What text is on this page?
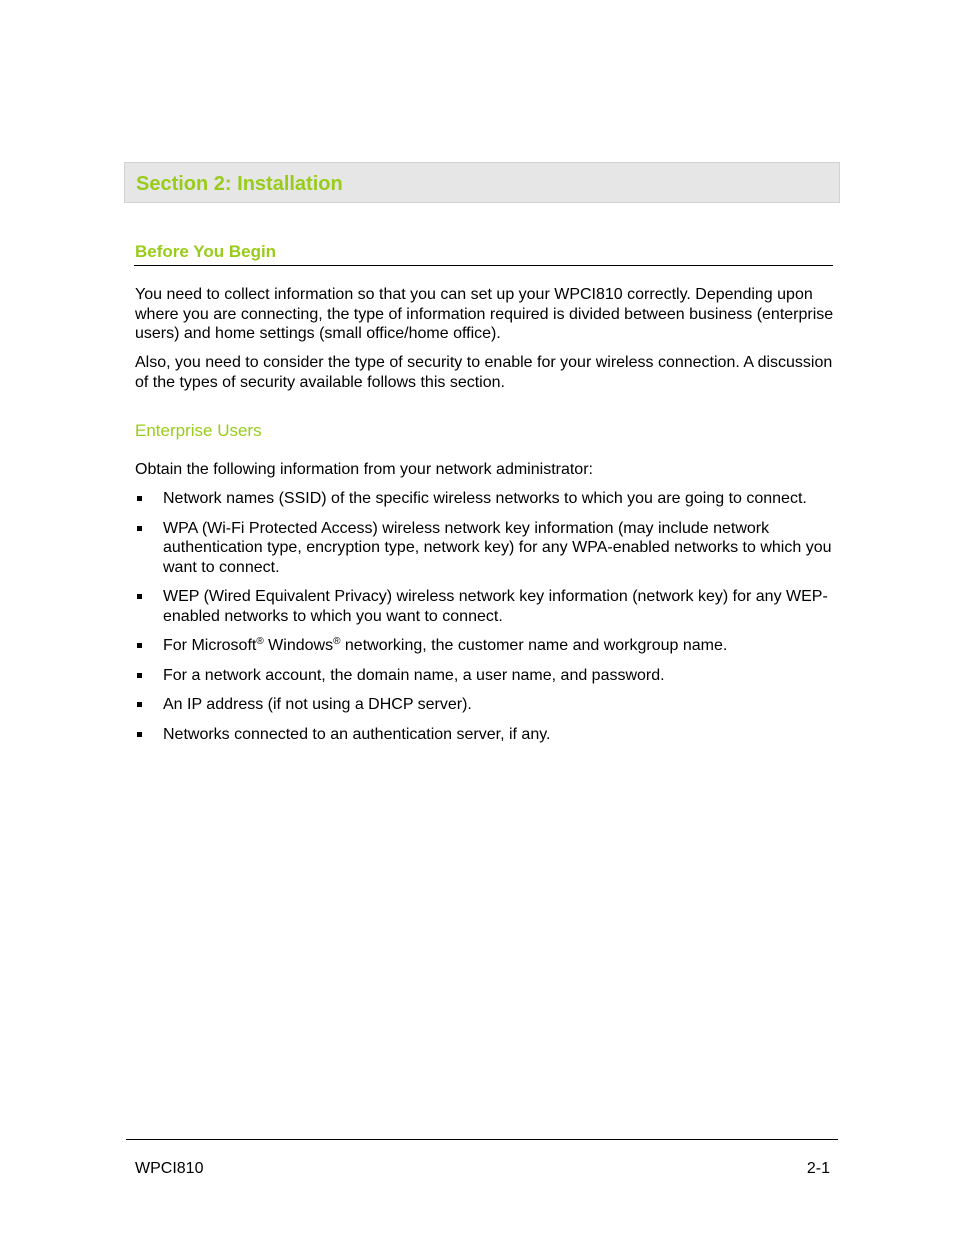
Section 2: Installation
Before You Begin

You need to collect information so that you can set up your WPCI810 correctly. Depending upon where you are connecting, the type of information required is divided between business (enterprise users) and home settings (small office/home office).

Also, you need to consider the type of security to enable for your wireless connection. A discussion of the types of security available follows this section.

Enterprise Users

Obtain the following information from your network administrator:

Network names (SSID) of the specific wireless networks to which you are going to connect.
WPA (Wi-Fi Protected Access) wireless network key information (may include network authentication type, encryption type, network key) for any WPA-enabled networks to which you want to connect.
WEP (Wired Equivalent Privacy) wireless network key information (network key) for any WEP-enabled networks to which you want to connect.
For Microsoft® Windows® networking, the customer name and workgroup name.
For a network account, the domain name, a user name, and password.
An IP address (if not using a DHCP server).
Networks connected to an authentication server, if any.
WPCI810	2-1
